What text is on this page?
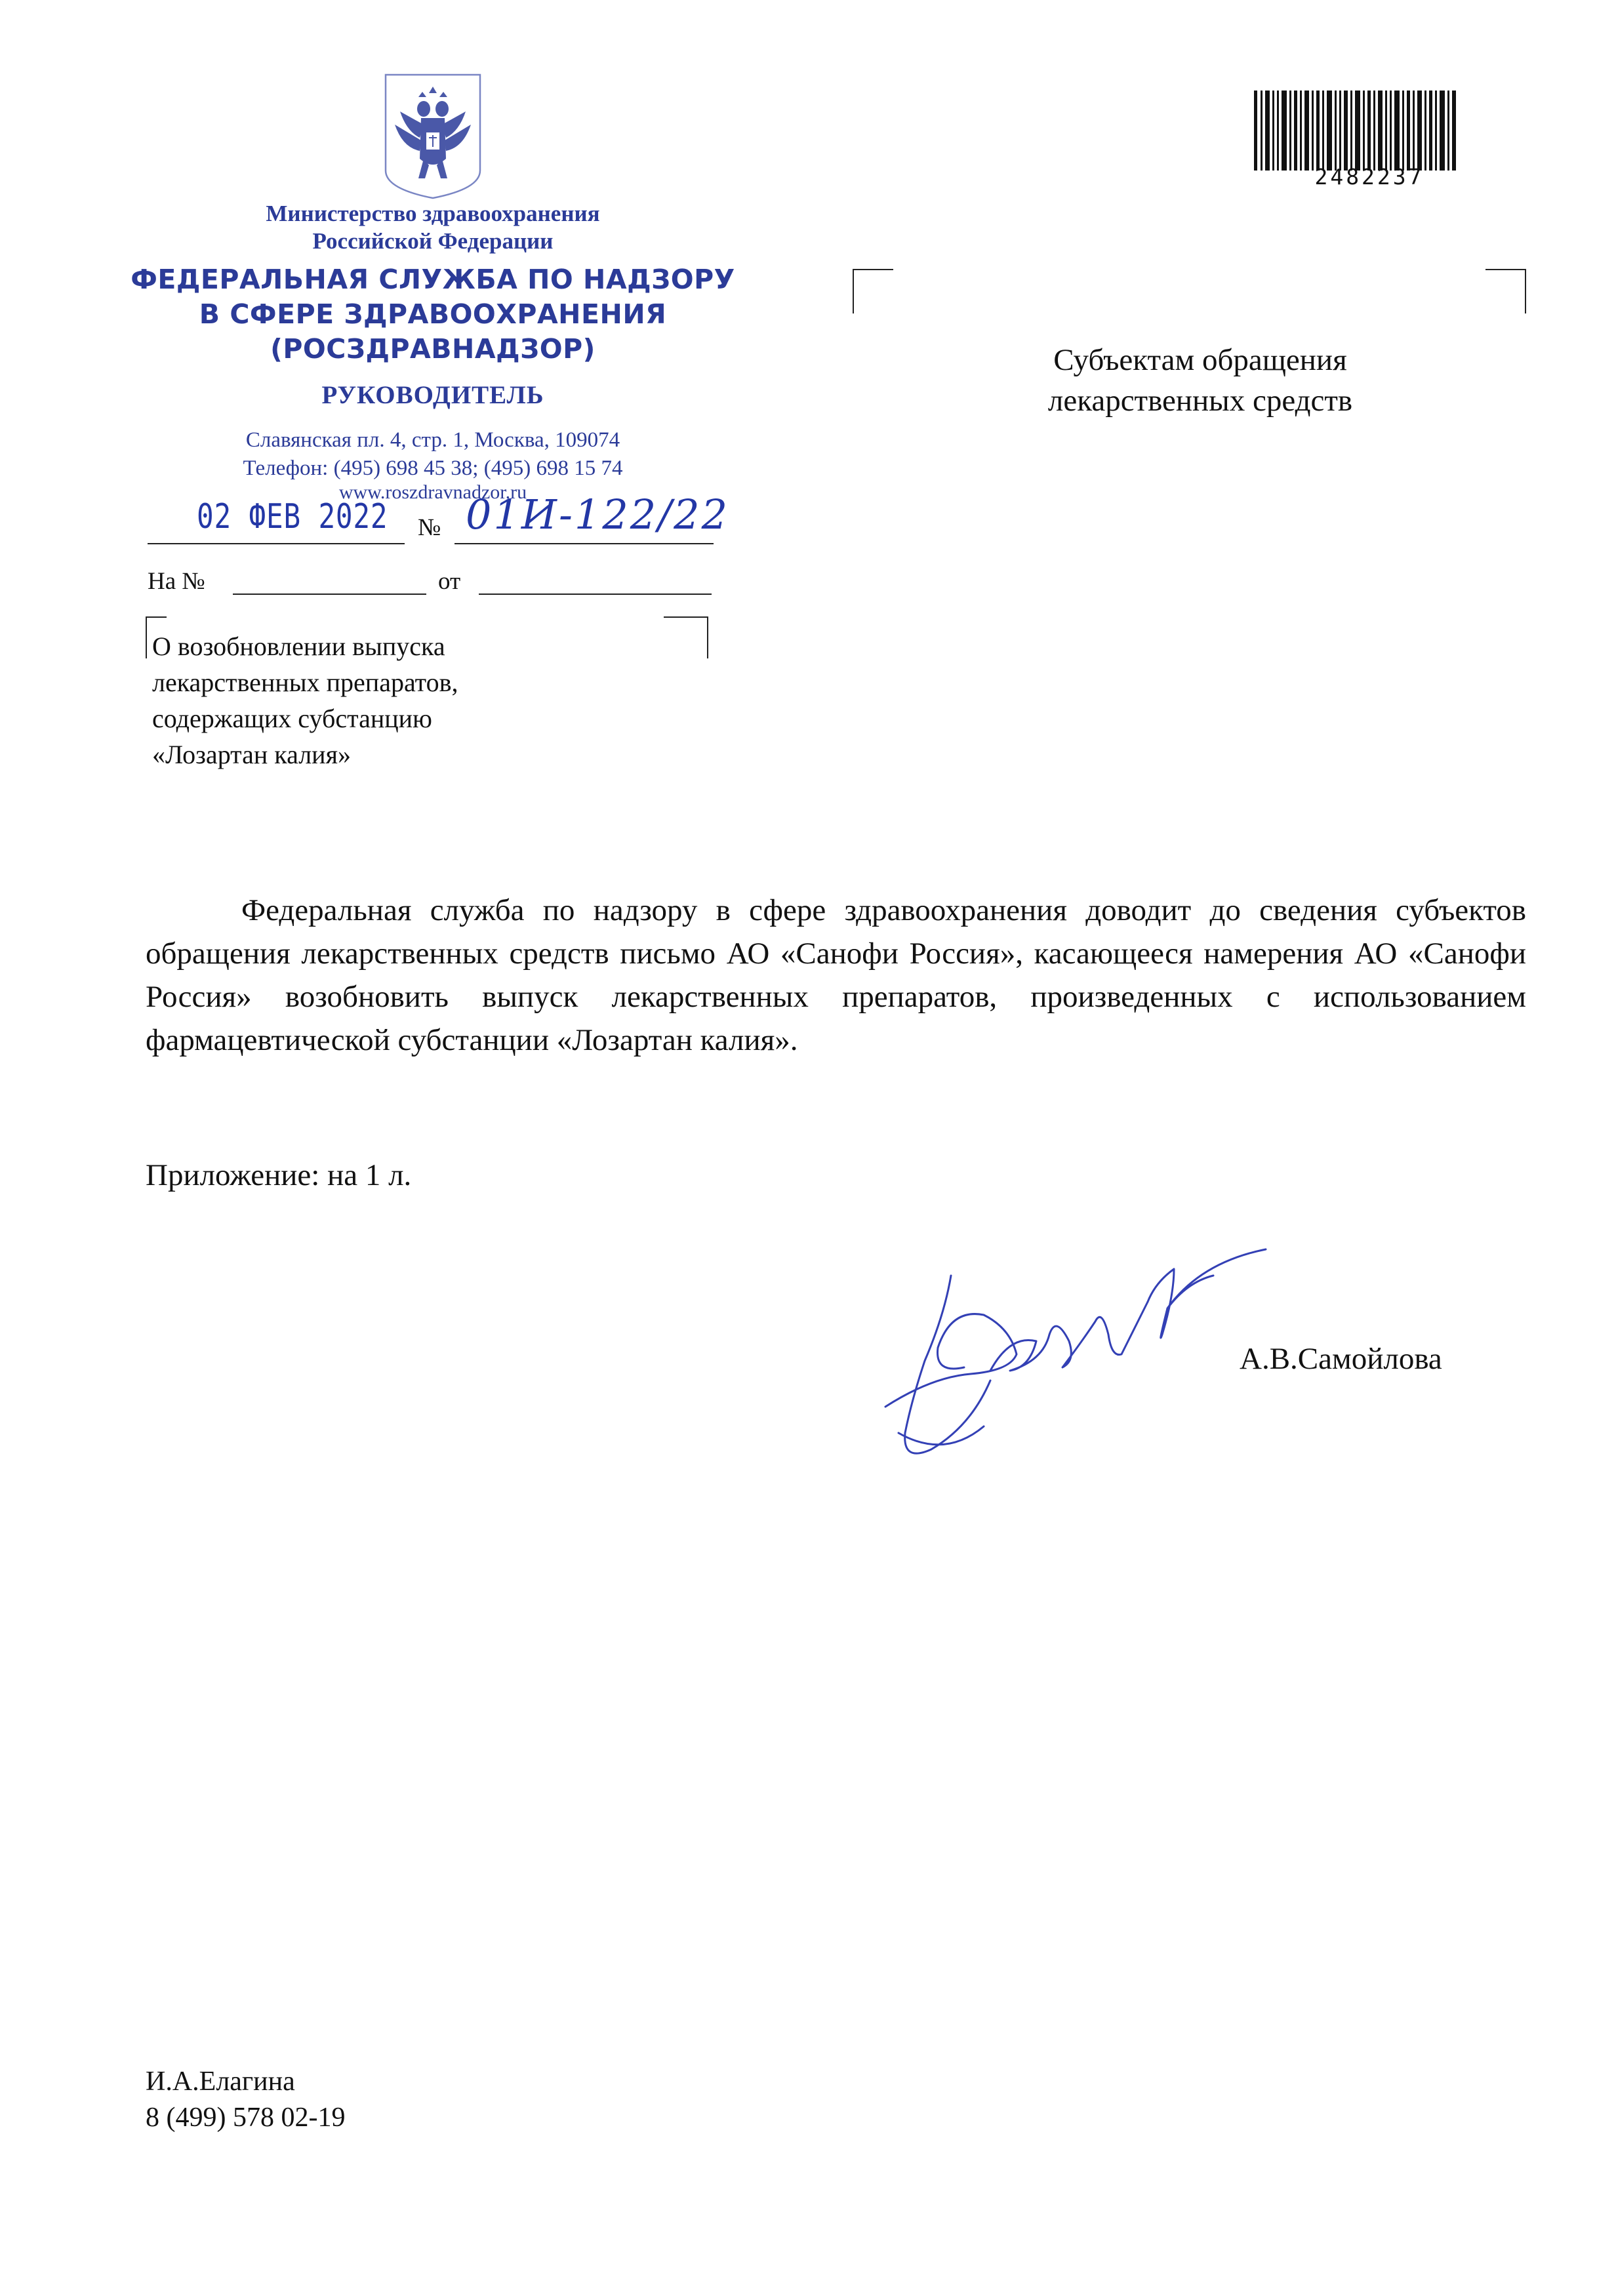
Министерство здравоохранения
Российской Федерации
ФЕДЕРАЛЬНАЯ СЛУЖБА ПО НАДЗОРУ
В СФЕРЕ ЗДРАВООХРАНЕНИЯ
(РОСЗДРАВНАДЗОР)
РУКОВОДИТЕЛЬ
Славянская пл. 4, стр. 1, Москва, 109074
Телефон: (495) 698 45 38; (495) 698 15 74
www.roszdravnadzor.ru
02 ФЕВ 2022 № 01И-122/22
На №	от
О возобновлении выпуска
лекарственных препаратов,
содержащих субстанцию
«Лозартан калия»
Субъектам обращения
лекарственных средств
2482237
Федеральная служба по надзору в сфере здравоохранения доводит до сведения субъектов обращения лекарственных средств письмо АО «Санофи Россия», касающееся намерения АО «Санофи Россия» возобновить выпуск лекарственных препаратов, произведенных с использованием фармацевтической субстанции «Лозартан калия».
Приложение: на 1 л.
А.В.Самойлова
И.А.Елагина
8 (499) 578 02-19
